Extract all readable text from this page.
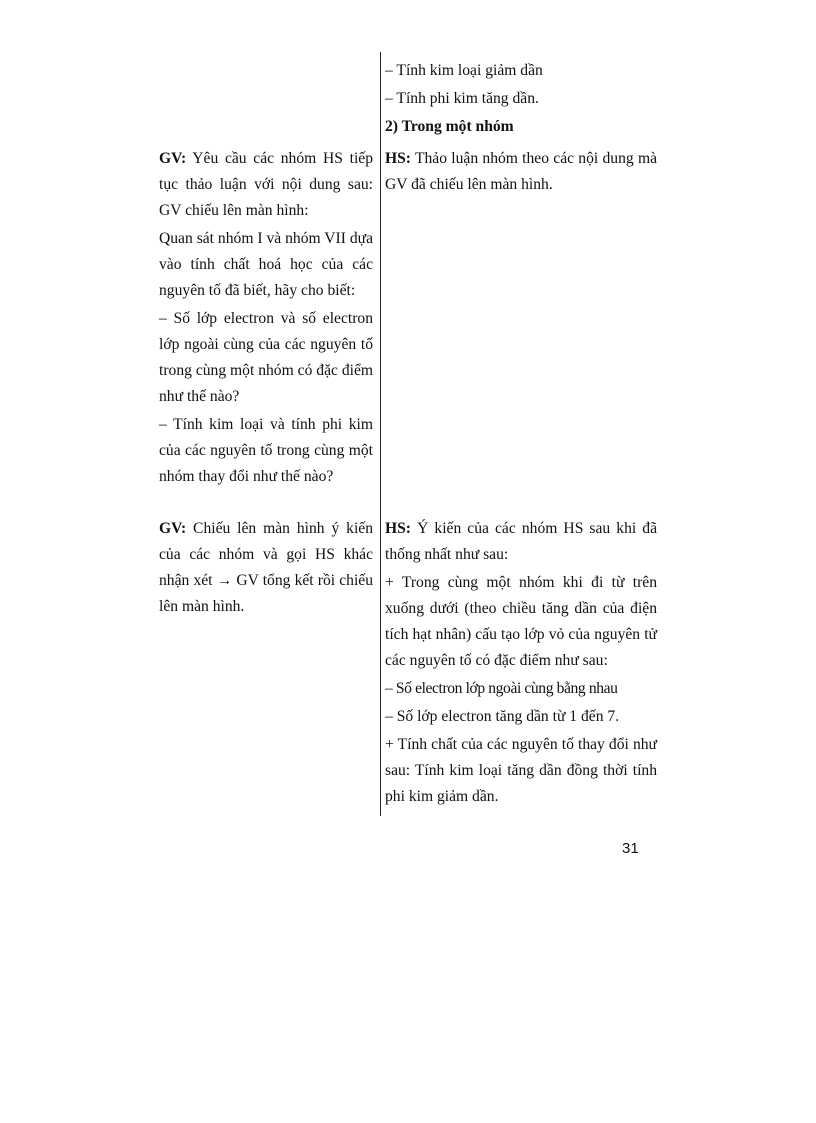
– Tính kim loại giảm dần

– Tính phi kim tăng dần.

2) Trong một nhóm

GV: Yêu cầu các nhóm HS tiếp tục thảo luận với nội dung sau: GV chiếu lên màn hình:

Quan sát nhóm I và nhóm VII dựa vào tính chất hoá học của các nguyên tố đã biết, hãy cho biết:

– Số lớp electron và số electron lớp ngoài cùng của các nguyên tố trong cùng một nhóm có đặc điểm như thế nào?

– Tính kim loại và tính phi kim của các nguyên tố trong cùng một nhóm thay đổi như thế nào?

HS: Thảo luận nhóm theo các nội dung mà GV đã chiếu lên màn hình.

GV: Chiếu lên màn hình ý kiến của các nhóm và gọi HS khác nhận xét → GV tổng kết rồi chiếu lên màn hình.

HS: Ý kiến của các nhóm HS sau khi đã thống nhất như sau:

+ Trong cùng một nhóm khi đi từ trên xuống dưới (theo chiều tăng dần của điện tích hạt nhân) cấu tạo lớp vỏ của nguyên tử các nguyên tố có đặc điểm như sau:

– Số electron lớp ngoài cùng bằng nhau

– Số lớp electron tăng dần từ 1 đến 7.

+ Tính chất của các nguyên tố thay đổi như sau: Tính kim loại tăng dần đồng thời tính phi kim giảm dần.

31
